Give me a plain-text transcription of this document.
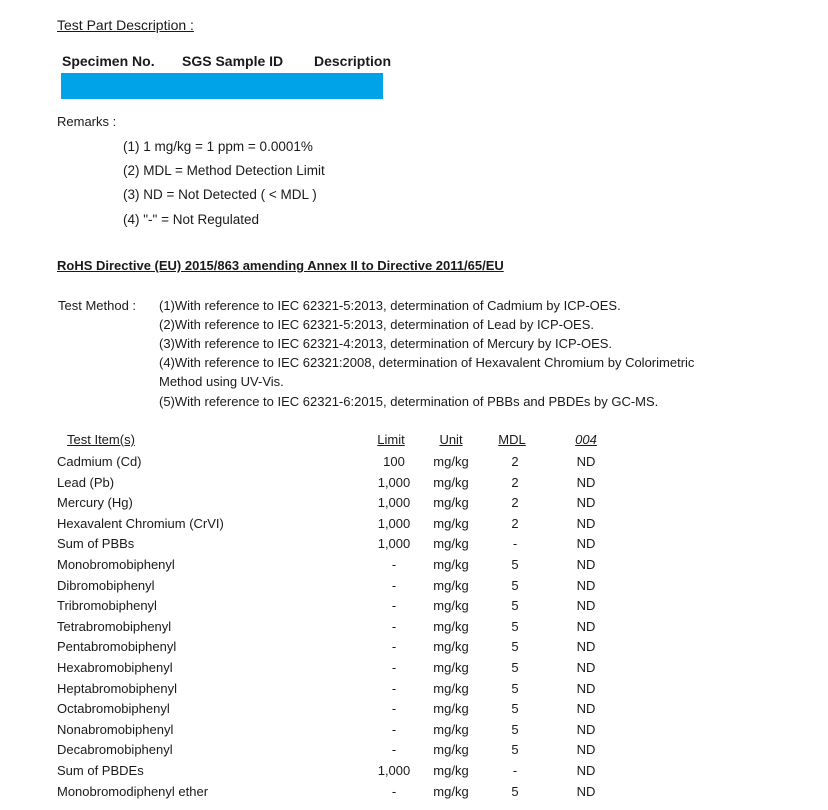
Test Part Description :
Specimen No. SGS Sample ID Description
Remarks :
(1) 1 mg/kg = 1 ppm = 0.0001%
(2) MDL = Method Detection Limit
(3) ND = Not Detected ( < MDL )
(4) "-" = Not Regulated
RoHS Directive (EU) 2015/863 amending Annex II to Directive 2011/65/EU
Test Method : (1)With reference to IEC 62321-5:2013, determination of Cadmium by ICP-OES.
(2)With reference to IEC 62321-5:2013, determination of Lead by ICP-OES.
(3)With reference to IEC 62321-4:2013, determination of Mercury by ICP-OES.
(4)With reference to IEC 62321:2008, determination of Hexavalent Chromium by Colorimetric
Method using UV-Vis.
(5)With reference to IEC 62321-6:2015, determination of PBBs and PBDEs by GC-MS.
Test Item(s)	Limit	Unit	MDL	004
Cadmium (Cd)	100	mg/kg	2	ND
Lead (Pb)	1,000	mg/kg	2	ND
Mercury (Hg)	1,000	mg/kg	2	ND
Hexavalent Chromium (CrVI)	1,000	mg/kg	2	ND
Sum of PBBs	1,000	mg/kg	-	ND
Monobromobiphenyl	-	mg/kg	5	ND
Dibromobiphenyl	-	mg/kg	5	ND
Tribromobiphenyl	-	mg/kg	5	ND
Tetrabromobiphenyl	-	mg/kg	5	ND
Pentabromobiphenyl	-	mg/kg	5	ND
Hexabromobiphenyl	-	mg/kg	5	ND
Heptabromobiphenyl	-	mg/kg	5	ND
Octabromobiphenyl	-	mg/kg	5	ND
Nonabromobiphenyl	-	mg/kg	5	ND
Decabromobiphenyl	-	mg/kg	5	ND
Sum of PBDEs	1,000	mg/kg	-	ND
Monobromodiphenyl ether	-	mg/kg	5	ND
